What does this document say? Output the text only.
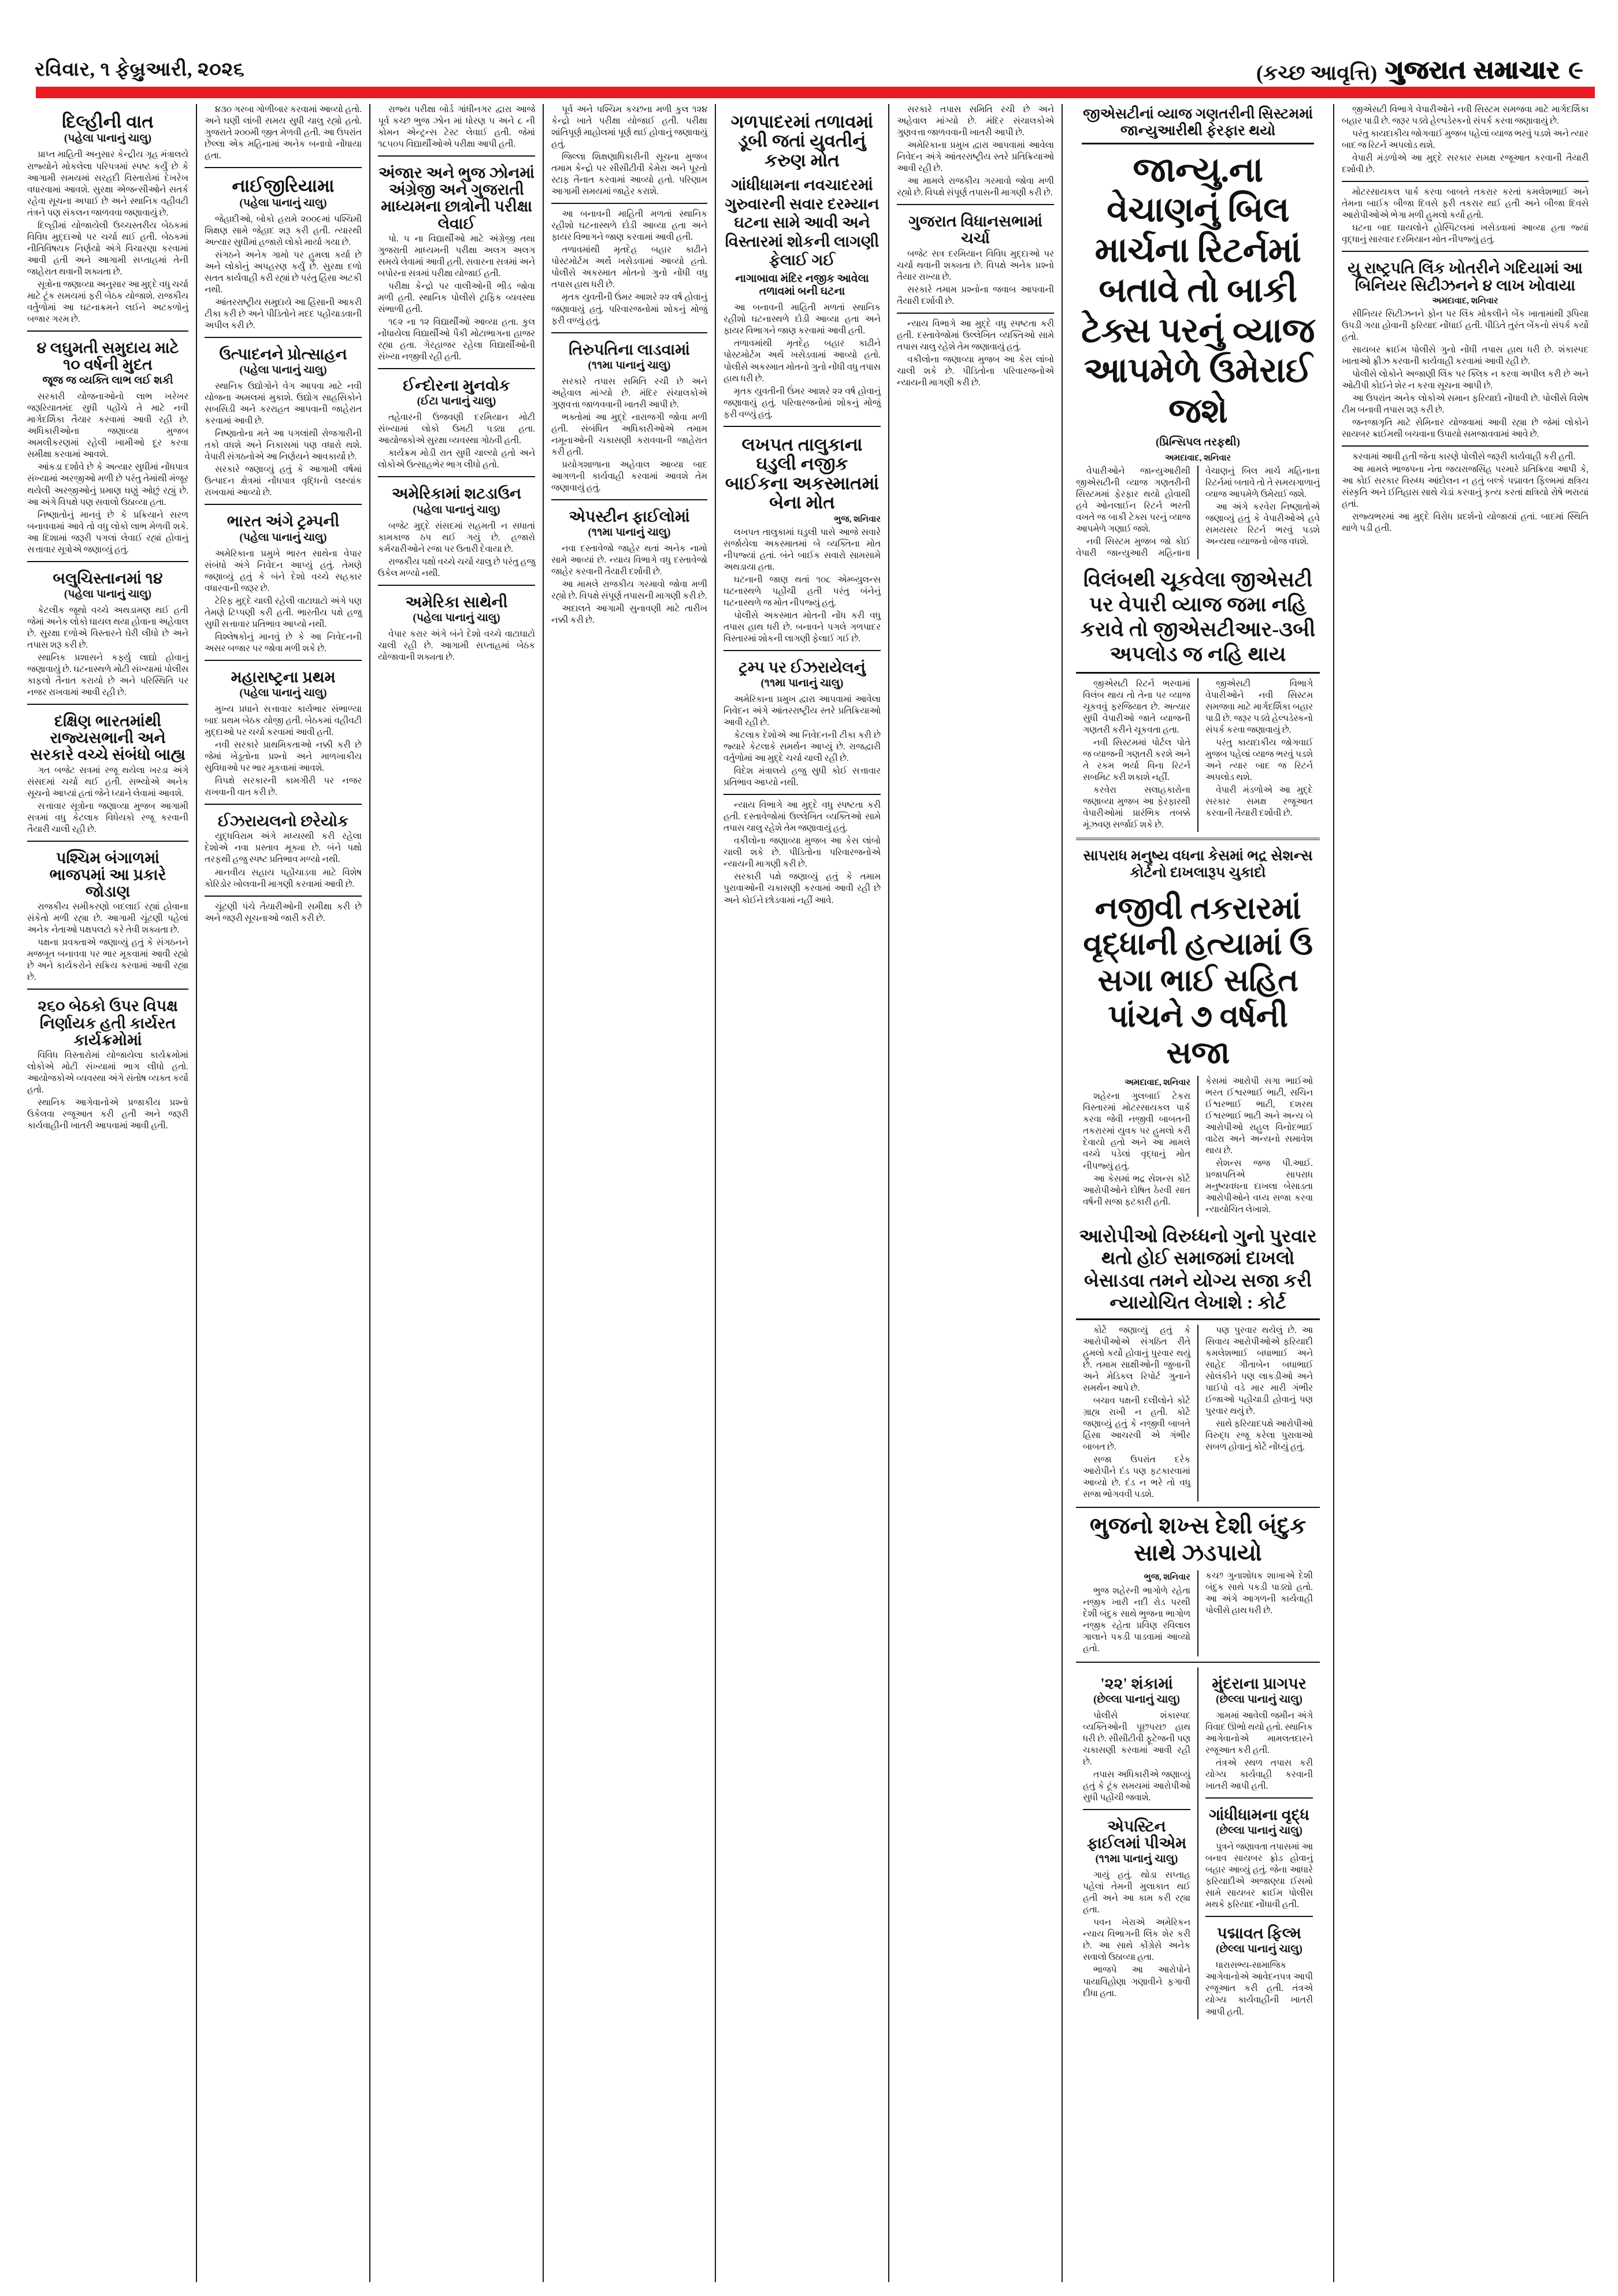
રવિવાર, ૧ ફેબ્રુઆરી, ૨૦૨૬	(કચ્છ આવૃત્તિ) ગુજરાત સમાચાર ૯
દિલ્હીની વાત
(પહેલા પાનાનું ચાલુ)

પ્રાપ્ત માહિતી અનુસાર કેન્દ્રીય ગૃહ મંત્રાલયે રાજ્યોને મોકલેલા પરિપત્રમાં સ્પષ્ટ કર્યું છે કે આગામી સમયમાં સરહદી વિસ્તારોમાં દેખરેખ વધારવામાં આવશે. સુરક્ષા એજન્સીઓને સતર્ક રહેવા સૂચના અપાઈ છે અને સ્થાનિક વહીવટી તંત્રને પણ સંકલન જાળવવા જણાવાયું છે.

દિલ્હીમાં યોજાયેલી ઉચ્ચસ્તરીય બેઠકમાં વિવિધ મુદ્દાઓ પર ચર્ચા થઈ હતી. બેઠકમાં નીતિવિષયક નિર્ણયો અંગે વિચારણા કરવામાં આવી હતી અને આગામી સપ્તાહમાં તેની જાહેરાત થવાની શક્યતા છે.

સૂત્રોના જણાવ્યા અનુસાર આ મુદ્દે વધુ ચર્ચા માટે ટૂંક સમયમાં ફરી બેઠક યોજાશે. રાજકીય વર્તુળોમાં આ ઘટનાક્રમને લઈને અટકળોનું બજાર ગરમ છે.

૪ લઘુમતી સમુદાય માટે ૧૦ વર્ષની મુદત
જૂજ જ વ્યક્તિ લાભ લઈ શકી

સરકારી યોજનાઓનો લાભ ખરેખર જરૂરિયાતમંદ સુધી પહોંચે તે માટે નવી માર્ગદર્શિકા તૈયાર કરવામાં આવી રહી છે. અધિકારીઓના જણાવ્યા મુજબ અમલીકરણમાં રહેલી ખામીઓ દૂર કરવા સમીક્ષા કરવામાં આવશે.

આંકડા દર્શાવે છે કે અત્યાર સુધીમાં નોંધપાત્ર સંખ્યામાં અરજીઓ મળી છે પરંતુ તેમાંથી મંજૂર થયેલી અરજીઓનું પ્રમાણ ઘણું ઓછું રહ્યું છે. આ અંગે વિપક્ષે પણ સવાલો ઉઠાવ્યા હતા.

નિષ્ણાતોનું માનવું છે કે પ્રક્રિયાને સરળ બનાવવામાં આવે તો વધુ લોકો લાભ મેળવી શકે. આ દિશામાં જરૂરી પગલાં લેવાઈ રહ્યાં હોવાનું સત્તાવાર સૂત્રોએ જણાવ્યું હતું.

બલુચિસ્તાનમાં ૧૪
(પહેલા પાનાનું ચાલુ)

કેટલીક જૂથો વચ્ચે અથડામણ થઈ હતી જેમાં અનેક લોકો ઘાયલ થયા હોવાના અહેવાલ છે. સુરક્ષા દળોએ વિસ્તારને ઘેરી લીધો છે અને તપાસ શરૂ કરી છે.

સ્થાનિક પ્રશાસને કર્ફ્યુ લાદ્યો હોવાનું જણાવાયું છે. ઘટનાસ્થળે મોટી સંખ્યામાં પોલીસ કાફલો તૈનાત કરાયો છે અને પરિસ્થિતિ પર નજર રાખવામાં આવી રહી છે.

દક્ષિણ ભારતમાંથી રાજ્યસભાની અને સરકારે વચ્ચે સંબંધો બાહ્ય

ગત બજેટ સત્રમાં રજૂ થયેલા ખરડા અંગે સંસદમાં ચર્ચા થઈ હતી. સભ્યોએ અનેક સૂચનો આપ્યાં હતાં જેને ધ્યાને લેવામાં આવશે.

સત્તાવાર સૂત્રોના જણાવ્યા મુજબ આગામી સત્રમાં વધુ કેટલાક વિધેયકો રજૂ કરવાની તૈયારી ચાલી રહી છે.

પશ્ચિમ બંગાળમાં ભાજપમાં આ પ્રકારે જોડાણ

રાજકીય સમીકરણો બદલાઈ રહ્યાં હોવાના સંકેતો મળી રહ્યા છે. આગામી ચૂંટણી પહેલાં અનેક નેતાઓ પક્ષપલટો કરે તેવી શક્યતા છે.

પક્ષના પ્રવક્તાએ જણાવ્યું હતું કે સંગઠનને મજબૂત બનાવવા પર ભાર મૂકવામાં આવી રહ્યો છે અને કાર્યકરોને સક્રિય કરવામાં આવી રહ્યા છે.

૨૬૦ બેઠકો ઉપર વિપક્ષ નિર્ણાયક હતી કાર્યરત કાર્યક્રમોમાં

વિવિધ વિસ્તારોમાં યોજાયેલા કાર્યક્રમોમાં લોકોએ મોટી સંખ્યામાં ભાગ લીધો હતો. આયોજકોએ વ્યવસ્થા અંગે સંતોષ વ્યક્ત કર્યો હતો.

સ્થાનિક આગેવાનોએ પ્રજાકીય પ્રશ્નો ઉકેલવા રજૂઆત કરી હતી અને જરૂરી કાર્યવાહીની ખાતરી આપવામાં આવી હતી.

૪૩૦ ગરબા ગોળીબાર કરવામાં આવ્યો હતો. અને ઘણી લાંબી સમય સુધી ચાલુ રહ્યો હતો. ગુજરાતે ૨૦૦મી જીત મેળવી હતી. આ ઉપરાંત છેલ્લા એક મહિનામાં અનેક બનાવો નોંધાયા હતા.

નાઈજીરિયામા
(પહેલા પાનાનું ચાલુ)

જેહાદીઓ, બોકો હરામે ૨૦૦૯માં પશ્ચિમી શિક્ષણ સામે જેહાદ શરૂ કરી હતી. ત્યારથી અત્યાર સુધીમાં હજારો લોકો માર્યા ગયા છે.

સંગઠને અનેક ગામો પર હુમલા કર્યા છે અને લોકોનું અપહરણ કર્યું છે. સુરક્ષા દળો સતત કાર્યવાહી કરી રહ્યાં છે પરંતુ હિંસા અટકી નથી.

આંતરરાષ્ટ્રીય સમુદાયે આ હિંસાની આકરી ટીકા કરી છે અને પીડિતોને મદદ પહોંચાડવાની અપીલ કરી છે.

ઉત્પાદનને પ્રોત્સાહન
(પહેલા પાનાનું ચાલુ)

સ્થાનિક ઉદ્યોગોને વેગ આપવા માટે નવી યોજના અમલમાં મુકાશે. ઉદ્યોગ સાહસિકોને સબસિડી અને કરરાહત આપવાની જાહેરાત કરવામાં આવી છે.

નિષ્ણાતોના મતે આ પગલાંથી રોજગારીની તકો વધશે અને નિકાસમાં પણ વધારો થશે. વેપારી સંગઠનોએ આ નિર્ણયને આવકાર્યો છે.

સરકારે જણાવ્યું હતું કે આગામી વર્ષમાં ઉત્પાદન ક્ષેત્રમાં નોંધપાત્ર વૃદ્ધિનો લક્ષ્યાંક રાખવામાં આવ્યો છે.

ભારત અંગે ટ્રમ્પની
(પહેલા પાનાનું ચાલુ)

અમેરિકાના પ્રમુખે ભારત સાથેના વેપાર સંબંધો અંગે નિવેદન આપ્યું હતું. તેમણે જણાવ્યું હતું કે બંને દેશો વચ્ચે સહકાર વધારવાની જરૂર છે.

ટેરિફ મુદ્દે ચાલી રહેલી વાટાઘાટો અંગે પણ તેમણે ટિપ્પણી કરી હતી. ભારતીય પક્ષે હજુ સુધી સત્તાવાર પ્રતિભાવ આપ્યો નથી.

વિશ્લેષકોનું માનવું છે કે આ નિવેદનની અસર બજાર પર જોવા મળી શકે છે.

મહારાષ્ટ્રના પ્રથમ
(પહેલા પાનાનું ચાલુ)

મુખ્ય પ્રધાને સત્તાવાર કાર્યભાર સંભાળ્યા બાદ પ્રથમ બેઠક યોજી હતી. બેઠકમાં વહીવટી મુદ્દાઓ પર ચર્ચા કરવામાં આવી હતી.

નવી સરકારે પ્રાથમિકતાઓ નક્કી કરી છે જેમાં ખેડૂતોના પ્રશ્નો અને માળખાકીય સુવિધાઓ પર ભાર મૂકવામાં આવશે.

વિપક્ષે સરકારની કામગીરી પર નજર રાખવાની વાત કરી છે.

ઈઝરાયલનો છરેયોક

યુદ્ધવિરામ અંગે મધ્યસ્થી કરી રહેલા દેશોએ નવા પ્રસ્તાવ મૂક્યા છે. બંને પક્ષો તરફથી હજુ સ્પષ્ટ પ્રતિભાવ મળ્યો નથી.

માનવીય સહાય પહોંચાડવા માટે વિશેષ કોરિડોર ખોલવાની માગણી કરવામાં આવી છે.

ચૂંટણી પંચે તૈયારીઓની સમીક્ષા કરી છે અને જરૂરી સૂચનાઓ જારી કરી છે.

રાજ્ય પરીક્ષા બોર્ડ ગાંધીનગર દ્વારા આજે પૂર્વ કચ્છ ભુજ ઝોન માં ધોરણ ૫ અને ૮ ની કોમન એન્ટ્રન્સ ટેસ્ટ લેવાઈ હતી. જેમાં ૧૮૫૦૫ વિદ્યાર્થીઓએ પરીક્ષા આપી હતી.

અંજાર અને ભુજ ઝોનમાં અંગ્રેજી અને ગુજરાતી માધ્યમના છાત્રોની પરીક્ષા લેવાઈ

પો. ૫ ના વિદ્યાર્થીઓ માટે અંગ્રેજી તથા ગુજરાતી માધ્યમની પરીક્ષા અલગ અલગ સમયે લેવામાં આવી હતી. સવારના સત્રમાં અને બપોરના સત્રમાં પરીક્ષા યોજાઈ હતી.

પરીક્ષા કેન્દ્રો પર વાલીઓની ભીડ જોવા મળી હતી. સ્થાનિક પોલીસે ટ્રાફિક વ્યવસ્થા સંભાળી હતી.

૧૯૨ ના ૧૨ વિદ્યાર્થીઓ આવ્યા હતા. કુલ નોંધાયેલા વિદ્યાર્થીઓ પૈકી મોટાભાગના હાજર રહ્યા હતા. ગેરહાજર રહેલા વિદ્યાર્થીઓની સંખ્યા નજીવી રહી હતી.

ઈન્દોરના મુનવોક
(ઈટા પાનાનું ચાલુ)

તહેવારની ઉજવણી દરમિયાન મોટી સંખ્યામાં લોકો ઉમટી પડ્યા હતા. આયોજકોએ સુરક્ષા વ્યવસ્થા ગોઠવી હતી.

કાર્યક્રમ મોડી રાત સુધી ચાલ્યો હતો અને લોકોએ ઉત્સાહભેર ભાગ લીધો હતો.

અમેરિકામાં શટડાઉન
(પહેલા પાનાનું ચાલુ)

બજેટ મુદ્દે સંસદમાં સહમતી ન સધાતાં કામકાજ ઠપ થઈ ગયું છે. હજારો કર્મચારીઓને રજા પર ઉતારી દેવાયા છે.

રાજકીય પક્ષો વચ્ચે ચર્ચા ચાલુ છે પરંતુ હજુ ઉકેલ મળ્યો નથી.

અમેરિકા સાથેની
(પહેલા પાનાનું ચાલુ)

વેપાર કરાર અંગે બંને દેશો વચ્ચે વાટાઘાટો ચાલી રહી છે. આગામી સપ્તાહમાં બેઠક યોજાવાની શક્યતા છે.

પૂર્વ અને પશ્ચિમ કચ્છના મળી કુલ ૧૨૪ કેન્દ્રો ખાતે પરીક્ષા યોજાઈ હતી. પરીક્ષા શાંતિપૂર્ણ માહોલમાં પૂર્ણ થઈ હોવાનું જણાવાયું હતું.

જિલ્લા શિક્ષણાધિકારીની સૂચના મુજબ તમામ કેન્દ્રો પર સીસીટીવી કેમેરા અને પૂરતો સ્ટાફ તૈનાત કરવામાં આવ્યો હતો. પરિણામ આગામી સમયમાં જાહેર કરાશે.

આ બનાવની માહિતી મળતાં સ્થાનિક રહીશો ઘટનાસ્થળે દોડી આવ્યા હતા અને ફાયર વિભાગને જાણ કરવામાં આવી હતી.

તળાવમાંથી મૃતદેહ બહાર કાઢીને પોસ્ટમોર્ટમ અર્થે ખસેડવામાં આવ્યો હતો. પોલીસે અકસ્માત મોતનો ગુનો નોંધી વધુ તપાસ હાથ ધરી છે.

મૃતક યુવતીની ઉંમર આશરે ૨૨ વર્ષ હોવાનું જણાવાયું હતું. પરિવારજનોમાં શોકનું મોજું ફરી વળ્યું હતું.

તિરુપતિના લાડવામાં
(૧૧મા પાનાનું ચાલુ)

સરકારે તપાસ સમિતિ રચી છે અને અહેવાલ માંગ્યો છે. મંદિર સંચાલકોએ ગુણવત્તા જાળવવાની ખાતરી આપી છે.

ભક્તોમાં આ મુદ્દે નારાજગી જોવા મળી હતી. સંબંધિત અધિકારીઓએ તમામ નમૂનાઓની ચકાસણી કરાવવાની જાહેરાત કરી હતી.

પ્રયોગશાળાના અહેવાલ આવ્યા બાદ આગળની કાર્યવાહી કરવામાં આવશે તેમ જણાવાયું હતું.

એપસ્ટીન ફાઈલોમાં
(૧૧મા પાનાનું ચાલુ)

નવા દસ્તાવેજો જાહેર થતાં અનેક નામો સામે આવ્યાં છે. ન્યાય વિભાગે વધુ દસ્તાવેજો જાહેર કરવાની તૈયારી દર્શાવી છે.

આ મામલે રાજકીય ગરમાવો જોવા મળી રહ્યો છે. વિપક્ષે સંપૂર્ણ તપાસની માગણી કરી છે.

અદાલતે આગામી સુનાવણી માટે તારીખ નક્કી કરી છે.

ગળપાદરમાં તળાવમાં ડૂબી જતાં યુવતીનું કરુણ મોત
ગાંધીધામના નવચાદરમાં ગુરુવારની સવાર દરમ્યાન ઘટના સામે આવી અને વિસ્તારમાં શોકની લાગણી ફેલાઈ ગઈ
નાગાબાવા મંદિર નજીક આવેલા તળાવમાં બની ઘટના

આ બનાવની માહિતી મળતાં સ્થાનિક રહીશો ઘટનાસ્થળે દોડી આવ્યા હતા અને ફાયર વિભાગને જાણ કરવામાં આવી હતી.

તળાવમાંથી મૃતદેહ બહાર કાઢીને પોસ્ટમોર્ટમ અર્થે ખસેડવામાં આવ્યો હતો. પોલીસે અકસ્માત મોતનો ગુનો નોંધી વધુ તપાસ હાથ ધરી છે.

મૃતક યુવતીની ઉંમર આશરે ૨૨ વર્ષ હોવાનું જણાવાયું હતું. પરિવારજનોમાં શોકનું મોજું ફરી વળ્યું હતું.

લખપત તાલુકાના ઘડુલી નજીક બાઈકના અકસ્માતમાં બેના મોત
ભુજ, શનિવાર

લખપત તાલુકામાં ઘડુલી પાસે આજે સવારે સર્જાયેલા અકસ્માતમાં બે વ્યક્તિના મોત નીપજ્યાં હતાં. બંને બાઈક સવારો સામસામે અથડાયા હતા.

ઘટનાની જાણ થતાં ૧૦૮ એમ્બ્યુલન્સ ઘટનાસ્થળે પહોંચી હતી પરંતુ બંનેનું ઘટનાસ્થળે જ મોત નીપજ્યું હતું.

પોલીસે અકસ્માત મોતની નોંધ કરી વધુ તપાસ હાથ ધરી છે. બનાવને પગલે ગળપાદર વિસ્તારમાં શોકની લાગણી ફેલાઈ ગઈ છે.

ટ્રમ્પ પર ઈઝરાયેલનું
(૧૧મા પાનાનું ચાલુ)

અમેરિકાના પ્રમુખ દ્વારા આપવામાં આવેલા નિવેદન અંગે આંતરરાષ્ટ્રીય સ્તરે પ્રતિક્રિયાઓ આવી રહી છે.

કેટલાક દેશોએ આ નિવેદનની ટીકા કરી છે જ્યારે કેટલાકે સમર્થન આપ્યું છે. રાજદ્વારી વર્તુળોમાં આ મુદ્દે ચર્ચા ચાલી રહી છે.

વિદેશ મંત્રાલયે હજુ સુધી કોઈ સત્તાવાર પ્રતિભાવ આપ્યો નથી.

ન્યાય વિભાગે આ મુદ્દે વધુ સ્પષ્ટતા કરી હતી. દસ્તાવેજોમાં ઉલ્લેખિત વ્યક્તિઓ સામે તપાસ ચાલુ રહેશે તેમ જણાવાયું હતું.

વકીલોના જણાવ્યા મુજબ આ કેસ લાંબો ચાલી શકે છે. પીડિતોના પરિવારજનોએ ન્યાયની માગણી કરી છે.

સરકારી પક્ષે જણાવ્યું હતું કે તમામ પુરાવાઓની ચકાસણી કરવામાં આવી રહી છે અને કોઈને છોડવામાં નહીં આવે.

સરકારે તપાસ સમિતિ રચી છે અને અહેવાલ માંગ્યો છે. મંદિર સંચાલકોએ ગુણવત્તા જાળવવાની ખાતરી આપી છે.

અમેરિકાના પ્રમુખ દ્વારા આપવામાં આવેલા નિવેદન અંગે આંતરરાષ્ટ્રીય સ્તરે પ્રતિક્રિયાઓ આવી રહી છે.

આ મામલે રાજકીય ગરમાવો જોવા મળી રહ્યો છે. વિપક્ષે સંપૂર્ણ તપાસની માગણી કરી છે.

ગુજરાત વિધાનસભામાં ચર્ચા

બજેટ સત્ર દરમિયાન વિવિધ મુદ્દાઓ પર ચર્ચા થવાની શક્યતા છે. વિપક્ષે અનેક પ્રશ્નો તૈયાર રાખ્યા છે.

સરકારે તમામ પ્રશ્નોના જવાબ આપવાની તૈયારી દર્શાવી છે.

ન્યાય વિભાગે આ મુદ્દે વધુ સ્પષ્ટતા કરી હતી. દસ્તાવેજોમાં ઉલ્લેખિત વ્યક્તિઓ સામે તપાસ ચાલુ રહેશે તેમ જણાવાયું હતું.

વકીલોના જણાવ્યા મુજબ આ કેસ લાંબો ચાલી શકે છે. પીડિતોના પરિવારજનોએ ન્યાયની માગણી કરી છે.

જીએસટીનાં વ્યાજ ગણતરીની સિસ્ટમમાં જાન્યુઆરીથી ફેરફાર થયો
જાન્યુ.ના વેચાણનું બિલ માર્ચના રિટર્નમાં બતાવે તો બાકી ટેક્સ પરનું વ્યાજ આપમેળે ઉમેરાઈ જશે
(પ્રિન્સિપલ તરફથી)
અમદાવાદ, શનિવાર

વેપારીઓને જાન્યુઆરીથી જીએસટીની વ્યાજ ગણતરીની સિસ્ટમમાં ફેરફાર થયો હોવાથી હવે ઓનલાઈન રિટર્ન ભરતી વખતે જ બાકી ટેક્સ પરનું વ્યાજ આપમેળે ગણાઈ જશે.

નવી સિસ્ટમ મુજબ જો કોઈ વેપારી જાન્યુઆરી મહિનાના વેચાણનું બિલ માર્ચ મહિનાના રિટર્નમાં બતાવે તો તે સમયગાળાનું વ્યાજ આપમેળે ઉમેરાઈ જશે.

આ અંગે કરવેરા નિષ્ણાતોએ જણાવ્યું હતું કે વેપારીઓએ હવે સમયસર રિટર્ન ભરવું પડશે અન્યથા વ્યાજનો બોજ વધશે.

વિલંબથી ચૂકવેલા જીએસટી પર વેપારી વ્યાજ જમા નહિ કરાવે તો જીએસટીઆર-૩બી અપલોડ જ નહિ થાય

જીએસટી રિટર્ન ભરવામાં વિલંબ થાય તો તેના પર વ્યાજ ચૂકવવું ફરજિયાત છે. અત્યાર સુધી વેપારીઓ જાતે વ્યાજની ગણતરી કરીને ચૂકવતા હતા.

નવી સિસ્ટમમાં પોર્ટલ પોતે જ વ્યાજની ગણતરી કરશે અને તે રકમ ભર્યા વિના રિટર્ન સબમિટ કરી શકાશે નહીં.

કરવેરા સલાહકારોના જણાવ્યા મુજબ આ ફેરફારથી વેપારીઓમાં પ્રારંભિક તબક્કે મૂંઝવણ સર્જાઈ શકે છે.

જીએસટી વિભાગે વેપારીઓને નવી સિસ્ટમ સમજવા માટે માર્ગદર્શિકા બહાર પાડી છે. જરૂર પડ્યે હેલ્પડેસ્કનો સંપર્ક કરવા જણાવાયું છે.

પરંતુ કાયદાકીય જોગવાઈ મુજબ પહેલાં વ્યાજ ભરવું પડશે અને ત્યાર બાદ જ રિટર્ન અપલોડ થશે.

વેપારી મંડળોએ આ મુદ્દે સરકાર સમક્ષ રજૂઆત કરવાની તૈયારી દર્શાવી છે.

સાપરાધ મનુષ્ય વધના કેસમાં ભદ્ર સેશન્સ કોર્ટનો દાખલારૂપ ચુકાદો
નજીવી તકરારમાં વૃદ્ધાની હત્યામાં ઉ સગા ભાઈ સહિત પાંચને ૭ વર્ષની સજા
અમદાવાદ, શનિવાર

શહેરના ગુલબાઈ ટેકરા વિસ્તારમાં મોટરસાયકલ પાર્ક કરવા જેવી નજીવી બાબતની તકરારમાં યુવક પર હુમલો કરી દેવાયો હતો અને આ મામલે વચ્ચે પડેલાં વૃદ્ધાનું મોત નીપજ્યું હતું.

આ કેસમાં ભદ્ર સેશન્સ કોર્ટે આરોપીઓને દોષિત ઠેરવી સાત વર્ષની સજા ફટકારી હતી.

કેસમાં આરોપી સગા ભાઈઓ ભરત ઈશ્વરભાઈ ભાટી, સચિન ઈશ્વરભાઈ ભાટી, દશરથ ઈશ્વરભાઈ ભાટી અને અન્ય બે આરોપીઓ રાહુલ વિનોદભાઈ વાઢેરા અને અન્યનો સમાવેશ થાય છે.

સેશન્સ જજ પી.આઈ. પ્રજાપતિએ સાપરાધ મનુષ્યવધના દાખલા બેસાડતા આરોપીઓને વધ્ય સજા કરવા ન્યાયોચિત લેખાશે.

આરોપીઓ વિરુધ્ધનો ગુનો પુરવાર થતો હોઈ સમાજમાં દાખલો બેસાડવા તમને યોગ્ય સજા કરી ન્યાયોચિત લેખાશે : કોર્ટ

કોર્ટે જણાવ્યું હતું કે આરોપીઓએ સંગઠિત રીતે હુમલો કર્યો હોવાનું પુરવાર થયું છે. તમામ સાક્ષીઓની જુબાની અને મેડિકલ રિપોર્ટ ગુનાને સમર્થન આપે છે.

બચાવ પક્ષની દલીલોને કોર્ટે ગ્રાહ્ય રાખી ન હતી. કોર્ટે જણાવ્યું હતું કે નજીવી બાબતે હિંસા આચરવી એ ગંભીર બાબત છે.

સજા ઉપરાંત દરેક આરોપીને દંડ પણ ફટકારવામાં આવ્યો છે. દંડ ન ભરે તો વધુ સજા ભોગવવી પડશે.

પણ પુરવાર થયેલું છે. આ સિવાય આરોપીઓએ ફરિયાદી કમલેશભાઈ બધાભાઈ અને સાહેદ ગીતાબેન બધાભાઈ સોલંકીને પણ લાકડીઓ અને પાઈપો વડે માર મારી ગંભીર ઈજાઓ પહોંચાડી હોવાનું પણ પુરવાર થયું છે.

સાથે ફરિયાદપક્ષે આરોપીઓ વિરુદ્ધ રજૂ કરેલા પુરાવાઓ સબળ હોવાનું કોર્ટે નોંધ્યું હતું.

ભુજનો શખ્સ દેશી બંદુક સાથે ઝડપાયો
ભુજ, શનિવાર

ભુજ શહેરની ભાગોળે રહેતા નજીક ખારી નદી રોડ પરથી દેશી બંદુક સાથે ભુજના ભાગોળ નજીક રહેતા પ્રવિણ રવિલાલ ગાલાને પકડી પાડવામાં આવ્યો હતો.

કચ્છ ગુનાશોધક શાખાએ દેશી બંદુક સાથે પકડી પાડ્યો હતો. આ અંગે આગળની કાર્યવાહી પોલીસે હાથ ધરી છે.

'૨૨' શંકામાં
(છેલ્લા પાનાનું ચાલુ)

પોલીસે શંકાસ્પદ વ્યક્તિઓની પૂછપરછ હાથ ધરી છે. સીસીટીવી ફૂટેજની પણ ચકાસણી કરવામાં આવી રહી છે.

તપાસ અધિકારીએ જણાવ્યું હતું કે ટૂંક સમયમાં આરોપીઓ સુધી પહોંચી જવાશે.

એપસ્ટિન ફાઈલમાં પીએમ
(૧૧મા પાનાનું ચાલુ)

ગાયું હતું. થોડા સપ્તાહ પહેલાં તેમની મુલાકાત થઈ હતી અને આ કામ કરી રહ્યા હતા.

પવન ખેરાએ અમેરિકન ન્યાય વિભાગની લિંક શેર કરી છે. આ સાથે કોંગ્રેસે અનેક સવાલો ઉઠાવ્યા હતા.

ભાજપે આ આરોપોને પાયાવિહોણા ગણાવીને ફગાવી દીધા હતા.

મુંદરાના પ્રાગપર
(છેલ્લા પાનાનું ચાલુ)

ગામમાં આવેલી જમીન અંગે વિવાદ ઊભો થયો હતો. સ્થાનિક આગેવાનોએ મામલતદારને રજૂઆત કરી હતી.

તંત્રએ સ્થળ તપાસ કરી યોગ્ય કાર્યવાહી કરવાની ખાતરી આપી હતી.

ગાંધીધામના વૃદ્ધ
(છેલ્લા પાનાનું ચાલુ)

પુત્રને જણાવતા તપાસમાં આ બનાવ સાયબર ફ્રોડ હોવાનું બહાર આવ્યું હતું. જેના આધારે ફરિયાદીએ અજાણ્યા ઈસમો સામે સાયબર ક્રાઈમ પોલીસ મથકે ફરિયાદ નોંધાવી હતી.

પદ્માવત ફિલ્મ
(છેલ્લા પાનાનું ચાલુ)

ધારાસભ્ય-સામાજિક આગેવાનોએ આવેદનપત્ર આપી રજૂઆત કરી હતી. તંત્રએ યોગ્ય કાર્યવાહીની ખાતરી આપી હતી.

જીએસટી વિભાગે વેપારીઓને નવી સિસ્ટમ સમજવા માટે માર્ગદર્શિકા બહાર પાડી છે. જરૂર પડ્યે હેલ્પડેસ્કનો સંપર્ક કરવા જણાવાયું છે.

પરંતુ કાયદાકીય જોગવાઈ મુજબ પહેલાં વ્યાજ ભરવું પડશે અને ત્યાર બાદ જ રિટર્ન અપલોડ થશે.

વેપારી મંડળોએ આ મુદ્દે સરકાર સમક્ષ રજૂઆત કરવાની તૈયારી દર્શાવી છે.

મોટરસાયકલ પાર્ક કરવા બાબતે તકરાર કરતાં કમલેશભાઈ અને તેમના બાઈક બીજા દિવસે ફરી તકરાર થઈ હતી અને બીજા દિવસે આરોપીઓએ ભેગા મળી હુમલો કર્યો હતો.

ઘટના બાદ ઘાયલોને હોસ્પિટલમાં ખસેડવામાં આવ્યા હતા જ્યાં વૃદ્ધાનું સારવાર દરમિયાન મોત નીપજ્યું હતું.

યુ રાષ્ટ્રપતિ લિંક ખોતરીને ગદિયામાં આ બિનિયર સિટીઝનને ૪ લાખ ખોવાયા
અમદાવાદ, શનિવાર

સીનિયર સિટીઝનને ફોન પર લિંક મોકલીને બેંક ખાતામાંથી રૂપિયા ઉપડી ગયા હોવાની ફરિયાદ નોંધાઈ હતી. પીડિતે તુરંત બેંકનો સંપર્ક કર્યો હતો.

સાયબર ક્રાઈમ પોલીસે ગુનો નોંધી તપાસ હાથ ધરી છે. શંકાસ્પદ ખાતાઓ ફ્રીઝ કરવાની કાર્યવાહી કરવામાં આવી રહી છે.

પોલીસે લોકોને અજાણી લિંક પર ક્લિક ન કરવા અપીલ કરી છે અને ઓટીપી કોઈને શેર ન કરવા સૂચના આપી છે.

આ ઉપરાંત અનેક લોકોએ સમાન ફરિયાદો નોંધાવી છે. પોલીસે વિશેષ ટીમ બનાવી તપાસ શરૂ કરી છે.

જનજાગૃતિ માટે સેમિનાર યોજવામાં આવી રહ્યા છે જેમાં લોકોને સાયબર ક્રાઈમથી બચવાના ઉપાયો સમજાવવામાં આવે છે.

કરવામાં આવી હતી જેના કારણે પોલીસે જરૂરી કાર્યવાહી કરી હતી.

આ મામલે ભાજપના નેતા જયરાજસિંહ પરમારે પ્રતિક્રિયા આપી કે, આ કોઈ સરકાર વિરુધ્ધ આંદોલન ન હતું બલ્કે પદ્માવત ફિલ્મમાં ક્ષત્રિય સંસ્કૃતિ અને ઈતિહાસ સાથે ચેડાં કરવાનું કૃત્ય કરતાં ક્ષત્રિયો રોષે ભરાયાં હતાં.

રાજ્યભરમાં આ મુદ્દે વિરોધ પ્રદર્શનો યોજાયાં હતાં. બાદમાં સ્થિતિ થાળે પડી હતી.
